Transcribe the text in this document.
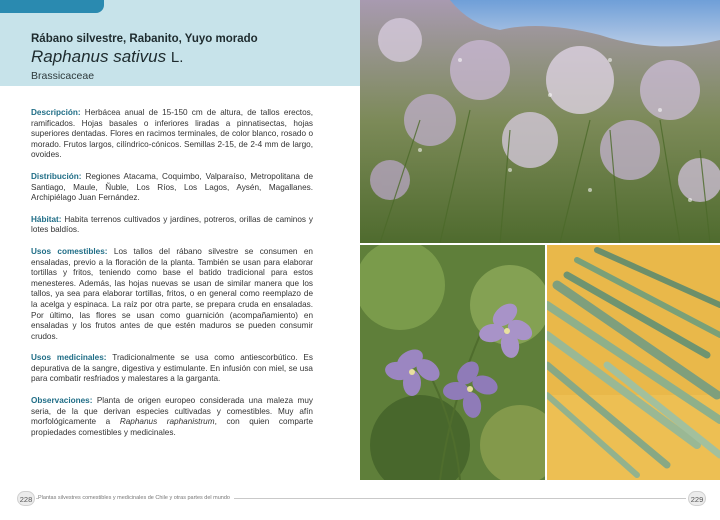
Rábano silvestre, Rabanito, Yuyo morado
Raphanus sativus L.
Brassicaceae

Descripción: Herbácea anual de 15-150 cm de altura, de tallos erectos, ramificados. Hojas basales o inferiores liradas a pinnatisectas, hojas superiores dentadas. Flores en racimos terminales, de color blanco, rosado o morado. Frutos largos, cilíndrico-cónicos. Semillas 2-15, de 2-4 mm de largo, ovoides.

Distribución: Regiones Atacama, Coquimbo, Valparaíso, Metropolitana de Santiago, Maule, Ñuble, Los Ríos, Los Lagos, Aysén, Magallanes. Archipiélago Juan Fernández.

Hábitat: Habita terrenos cultivados y jardines, potreros, orillas de caminos y lotes baldíos.

Usos comestibles: Los tallos del rábano silvestre se consumen en ensaladas, previo a la floración de la planta. También se usan para elaborar tortillas y fritos, teniendo como base el batido tradicional para estos menesteres. Además, las hojas nuevas se usan de similar manera que los tallos, ya sea para elaborar tortillas, fritos, o en general como reemplazo de la acelga y espinaca. La raíz por otra parte, se prepara cruda en ensaladas. Por último, las flores se usan como guarnición (acompañamiento) en ensaladas y los frutos antes de que estén maduros se pueden consumir crudos.

Usos medicinales: Tradicionalmente se usa como antiescorbútico. Es depurativa de la sangre, digestiva y estimulante. En infusión con miel, se usa para combatir resfriados y malestares a la garganta.

Observaciones: Planta de origen europeo considerada una maleza muy seria, de la que derivan especies cultivadas y comestibles. Muy afín morfológicamente a Raphanus raphanistrum, con quien comparte propiedades comestibles y medicinales.

Plantas silvestres comestibles y medicinales de Chile y otras partes del mundo
228	229
